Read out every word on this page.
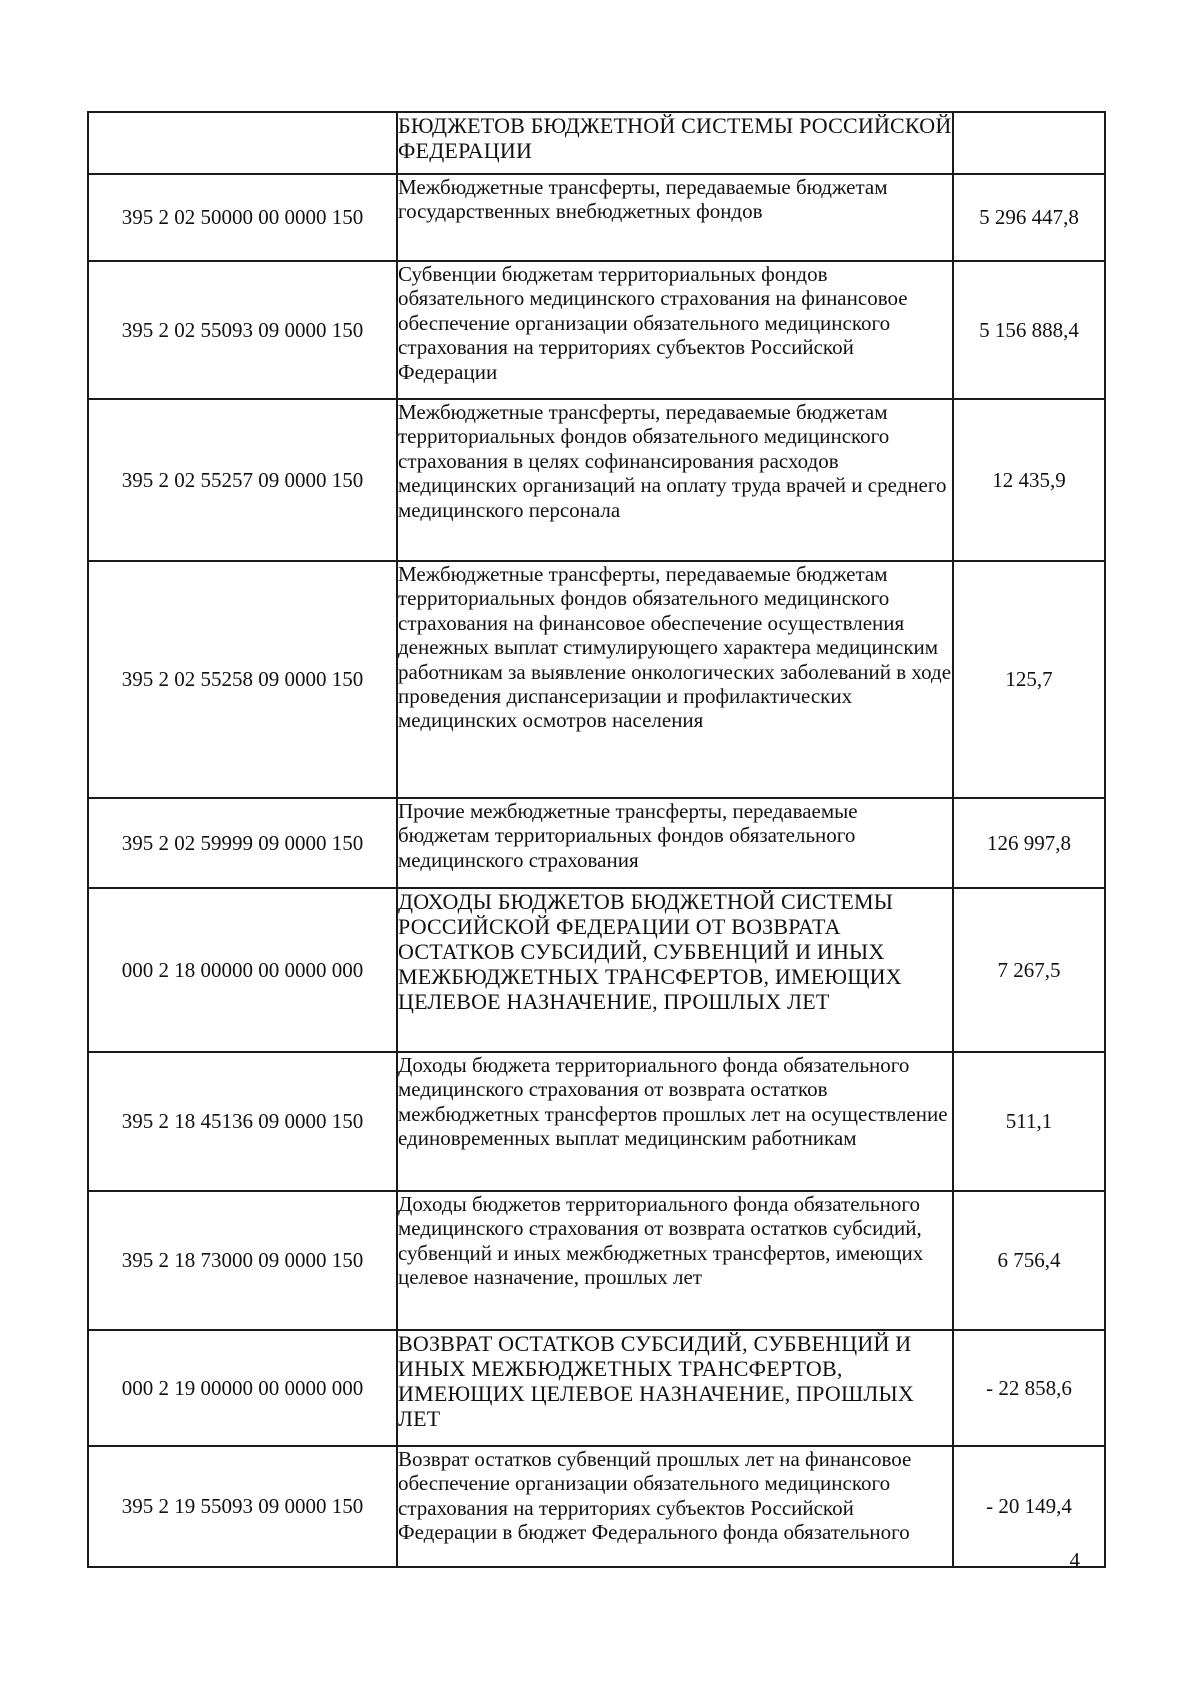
	БЮДЖЕТОВ БЮДЖЕТНОЙ СИСТЕМЫ РОССИЙСКОЙ ФЕДЕРАЦИИ	
395 2 02 50000 00 0000 150	Межбюджетные трансферты, передаваемые бюджетам государственных внебюджетных фондов	5 296 447,8
395 2 02 55093 09 0000 150	Субвенции бюджетам территориальных фондов обязательного медицинского страхования на финансовое обеспечение организации обязательного медицинского страхования на территориях субъектов Российской Федерации	5 156 888,4
395 2 02 55257 09 0000 150	Межбюджетные трансферты, передаваемые бюджетам территориальных фондов обязательного медицинского страхования в целях софинансирования расходов медицинских организаций на оплату труда врачей и среднего медицинского персонала	12 435,9
395 2 02 55258 09 0000 150	Межбюджетные трансферты, передаваемые бюджетам территориальных фондов обязательного медицинского страхования на финансовое обеспечение осуществления денежных выплат стимулирующего характера медицинским работникам за выявление онкологических заболеваний в ходе проведения диспансеризации и профилактических медицинских осмотров населения	125,7
395 2 02 59999 09 0000 150	Прочие межбюджетные трансферты, передаваемые бюджетам территориальных фондов обязательного медицинского страхования	126 997,8
000 2 18 00000 00 0000 000	ДОХОДЫ БЮДЖЕТОВ БЮДЖЕТНОЙ СИСТЕМЫ РОССИЙСКОЙ ФЕДЕРАЦИИ ОТ ВОЗВРАТА ОСТАТКОВ СУБСИДИЙ, СУБВЕНЦИЙ И ИНЫХ МЕЖБЮДЖЕТНЫХ ТРАНСФЕРТОВ, ИМЕЮЩИХ ЦЕЛЕВОЕ НАЗНАЧЕНИЕ, ПРОШЛЫХ ЛЕТ	7 267,5
395 2 18 45136 09 0000 150	Доходы бюджета территориального фонда обязательного медицинского страхования от возврата остатков межбюджетных трансфертов прошлых лет на осуществление единовременных выплат медицинским работникам	511,1
395 2 18 73000 09 0000 150	Доходы бюджетов территориального фонда обязательного медицинского страхования от возврата остатков субсидий, субвенций и иных межбюджетных трансфертов, имеющих целевое назначение, прошлых лет	6 756,4
000 2 19 00000 00 0000 000	ВОЗВРАТ ОСТАТКОВ СУБСИДИЙ, СУБВЕНЦИЙ И ИНЫХ МЕЖБЮДЖЕТНЫХ ТРАНСФЕРТОВ, ИМЕЮЩИХ ЦЕЛЕВОЕ НАЗНАЧЕНИЕ, ПРОШЛЫХ ЛЕТ	- 22 858,6
395 2 19 55093 09 0000 150	Возврат остатков субвенций прошлых лет на финансовое обеспечение организации обязательного медицинского страхования на территориях субъектов Российской Федерации в бюджет Федерального фонда обязательного	- 20 149,4
4
